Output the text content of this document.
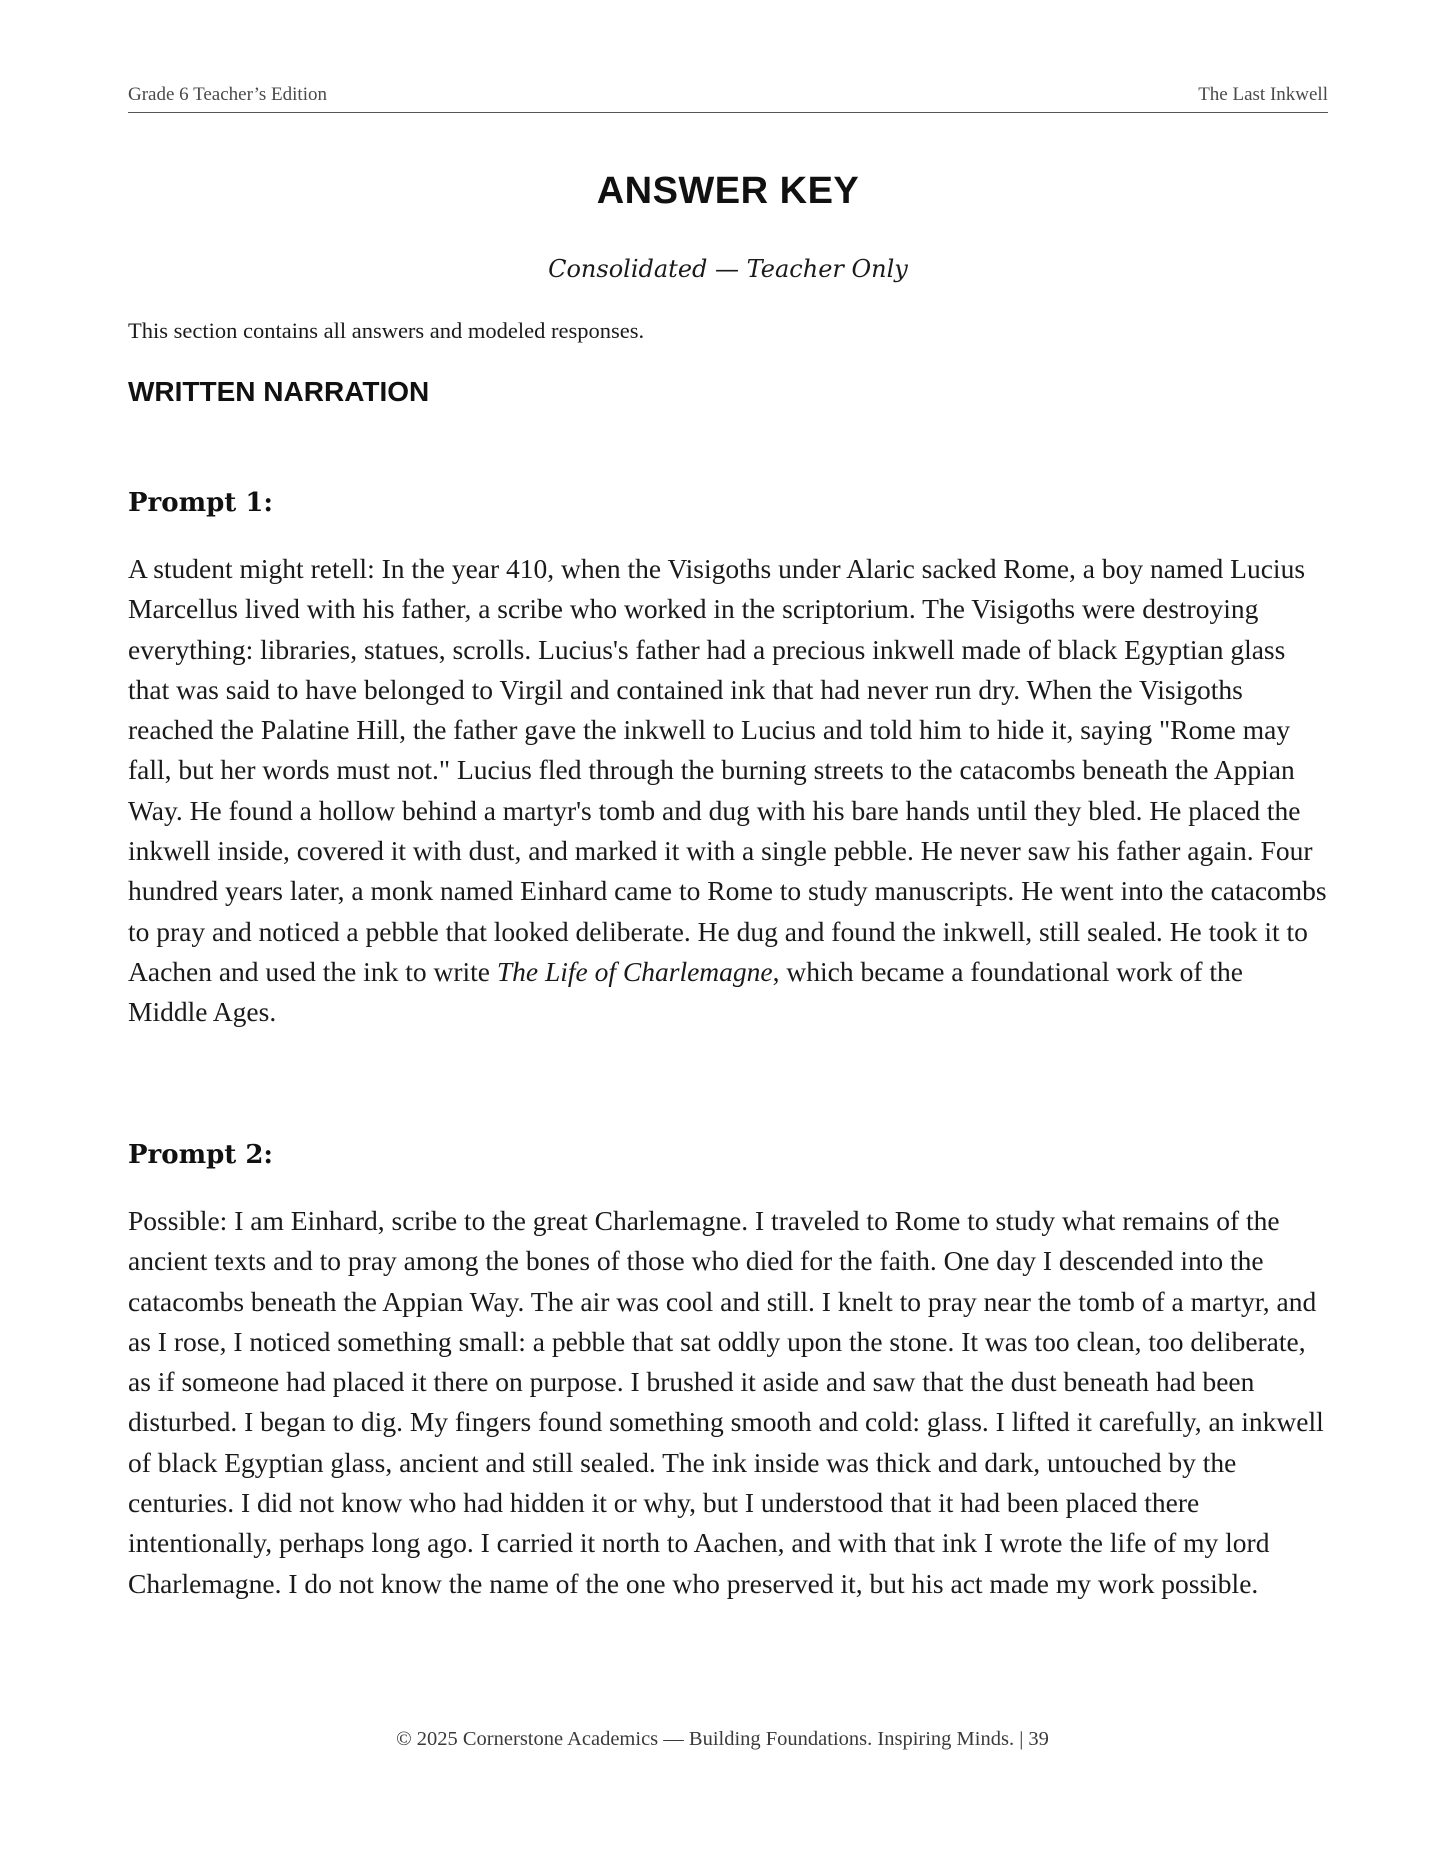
Grade 6 Teacher’s Edition	The Last Inkwell
ANSWER KEY
Consolidated — Teacher Only
This section contains all answers and modeled responses.
WRITTEN NARRATION
Prompt 1:
A student might retell: In the year 410, when the Visigoths under Alaric sacked Rome, a boy named Lucius Marcellus lived with his father, a scribe who worked in the scriptorium. The Visigoths were destroying everything: libraries, statues, scrolls. Lucius's father had a precious inkwell made of black Egyptian glass that was said to have belonged to Virgil and contained ink that had never run dry. When the Visigoths reached the Palatine Hill, the father gave the inkwell to Lucius and told him to hide it, saying "Rome may fall, but her words must not." Lucius fled through the burning streets to the catacombs beneath the Appian Way. He found a hollow behind a martyr's tomb and dug with his bare hands until they bled. He placed the inkwell inside, covered it with dust, and marked it with a single pebble. He never saw his father again. Four hundred years later, a monk named Einhard came to Rome to study manuscripts. He went into the catacombs to pray and noticed a pebble that looked deliberate. He dug and found the inkwell, still sealed. He took it to Aachen and used the ink to write The Life of Charlemagne, which became a foundational work of the Middle Ages.
Prompt 2:
Possible: I am Einhard, scribe to the great Charlemagne. I traveled to Rome to study what remains of the ancient texts and to pray among the bones of those who died for the faith. One day I descended into the catacombs beneath the Appian Way. The air was cool and still. I knelt to pray near the tomb of a martyr, and as I rose, I noticed something small: a pebble that sat oddly upon the stone. It was too clean, too deliberate, as if someone had placed it there on purpose. I brushed it aside and saw that the dust beneath had been disturbed. I began to dig. My fingers found something smooth and cold: glass. I lifted it carefully, an inkwell of black Egyptian glass, ancient and still sealed. The ink inside was thick and dark, untouched by the centuries. I did not know who had hidden it or why, but I understood that it had been placed there intentionally, perhaps long ago. I carried it north to Aachen, and with that ink I wrote the life of my lord Charlemagne. I do not know the name of the one who preserved it, but his act made my work possible.
© 2025 Cornerstone Academics — Building Foundations. Inspiring Minds. | 39
